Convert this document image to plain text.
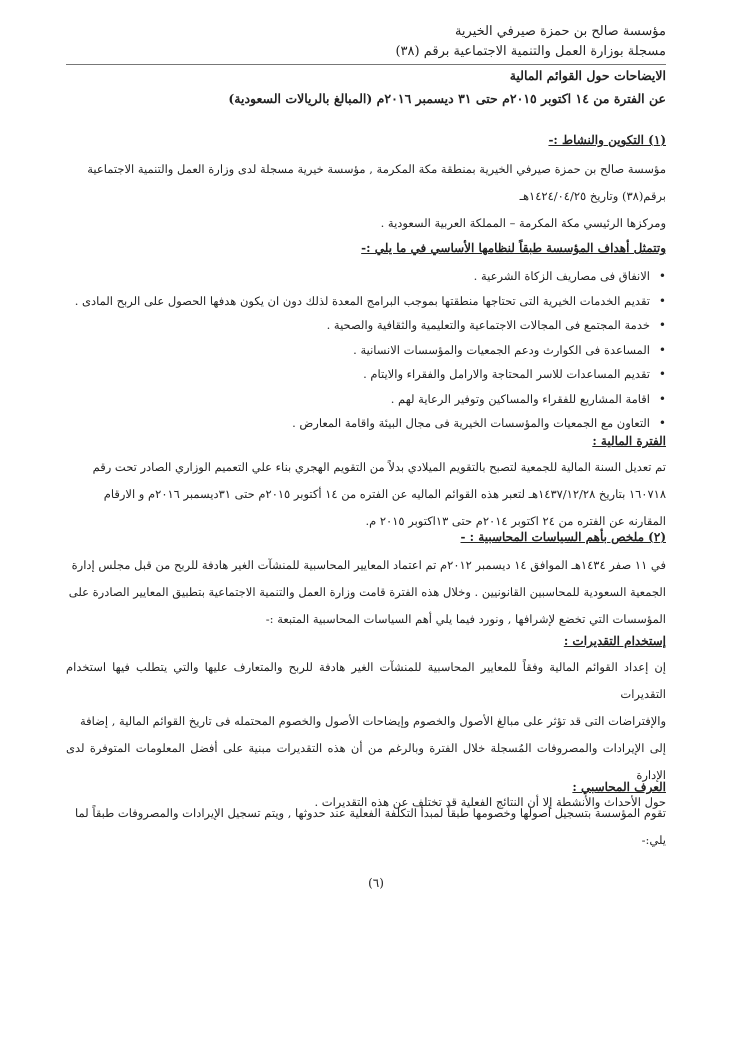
مؤسسة صالح بن حمزة صيرفي الخيرية
مسجلة بوزارة العمل والتنمية الاجتماعية برقم (٣٨)
الايضاحات حول القوائم المالية
عن الفترة من ١٤ اكتوبر ٢٠١٥م حتى ٣١ ديسمبر ٢٠١٦م (المبالغ بالريالات السعودية)
(١) التكوين والنشاط :-
مؤسسة صالح بن حمزة صيرفي الخيرية بمنطقة مكة المكرمة , مؤسسة خيرية مسجلة لدى وزارة العمل والتنمية الاجتماعية
برقم(٣٨) وتاريخ ١٤٢٤/٠٤/٢٥هـ
ومركزها الرئيسي مكة المكرمة – المملكة العربية السعودية .
وتتمثل أهداف المؤسسة طبقاً لنظامها الأساسي في ما يلي :-
• الانفاق فى مصاريف الزكاة الشرعية .
• تقديم الخدمات الخيرية التى تحتاجها منطقتها بموجب البرامج المعدة لذلك دون ان يكون هدفها الحصول على الربح المادى .
• خدمة المجتمع فى المجالات الاجتماعية والتعليمية والثقافية والصحية .
• المساعدة فى الكوارث ودعم الجمعيات والمؤسسات الانسانية .
• تقديم المساعدات للاسر المحتاجة والارامل والفقراء والايتام .
• اقامة المشاريع للفقراء والمساكين وتوفير الرعاية لهم .
• التعاون مع الجمعيات والمؤسسات الخيرية فى مجال البيئة واقامة المعارض .
الفترة المالية :
تم تعديل السنة المالية للجمعية لتصبح بالتقويم الميلادي بدلاً من التقويم الهجري بناء علي التعميم الوزاري الصادر تحت رقم
١٦٠٧١٨ بتاريخ ١٤٣٧/١٢/٢٨هـ لتعبر هذه القوائم الماليه عن الفتره من ١٤ أكتوبر ٢٠١٥م حتى ٣١ديسمبر ٢٠١٦م و الارقام
المقارنه عن الفتره من ٢٤ اكتوبر ٢٠١٤م حتى ١٣اكتوبر ٢٠١٥ م.
(٢) ملخص بأهم السياسات المحاسبية : -
في ١١ صفر ١٤٣٤هـ الموافق ١٤ ديسمبر ٢٠١٢م تم اعتماد المعايير المحاسبية للمنشآت الغير هادفة للربح من قبل مجلس إدارة
الجمعية السعودية للمحاسبين القانونيين . وخلال هذه الفترة قامت وزارة العمل والتنمية الاجتماعية بتطبيق المعايير الصادرة على
المؤسسات التي تخضع لإشرافها , ونورد فيما يلي أهم السياسات المحاسبية المتبعة :-
إستخدام التقديرات :
إن إعداد القوائم المالية وفقاً للمعايير المحاسبية للمنشآت الغير هادفة للربح والمتعارف عليها والتي يتطلب فيها استخدام التقديرات
والإفتراضات التى قد تؤثر على مبالغ الأصول والخصوم وإيضاحات الأصول والخصوم المحتمله فى تاريخ القوائم المالية , إضافة
إلى الإيرادات والمصروفات المُسجلة خلال الفترة وبالرغم من أن هذه التقديرات مبنية على أفضل المعلومات المتوفرة لدى الإدارة
حول الأحداث والأنشطة إلا أن النتائج الفعلية قد تختلف عن هذه التقديرات .
العرف المحاسبي :
تقوم المؤسسة بتسجيل أصولها وخصومها طبقاً لمبدأ التكلفة الفعلية عند حدوثها , ويتم تسجيل الإيرادات والمصروفات طبقاً لما
يلي:-
(٦)
